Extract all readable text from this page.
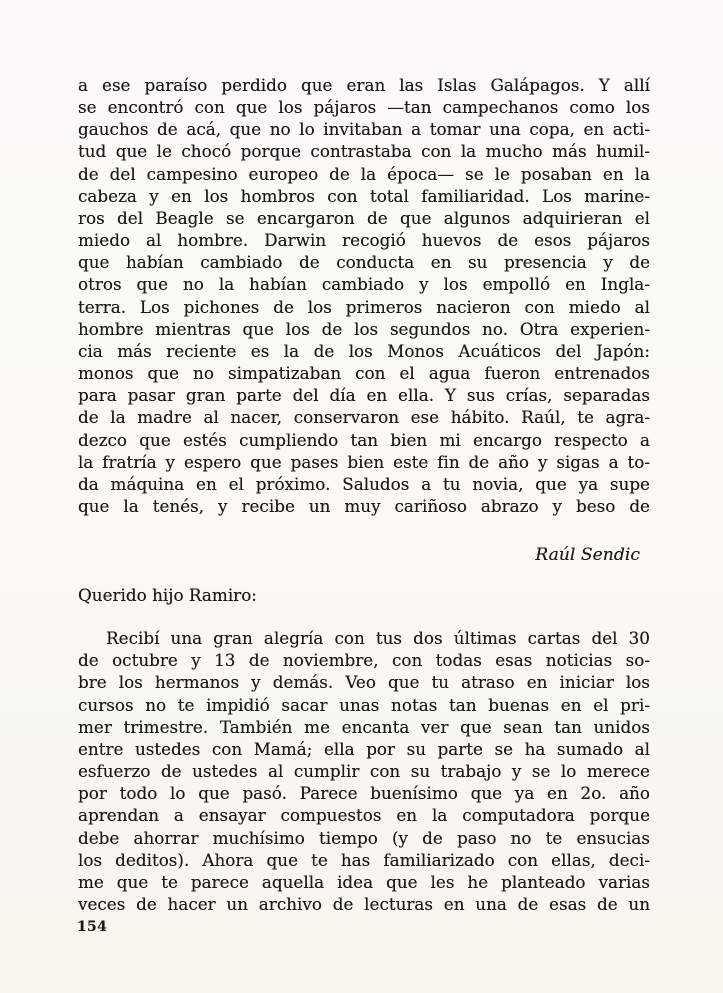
a ese paraíso perdido que eran las Islas Galápagos. Y allí
se encontró con que los pájaros —tan campechanos como los
gauchos de acá, que no lo invitaban a tomar una copa, en acti-
tud que le chocó porque contrastaba con la mucho más humil-
de del campesino europeo de la época— se le posaban en la
cabeza y en los hombros con total familiaridad. Los marine-
ros del Beagle se encargaron de que algunos adquirieran el
miedo al hombre. Darwin recogió huevos de esos pájaros
que habían cambiado de conducta en su presencia y de
otros que no la habían cambiado y los empolló en Ingla-
terra. Los pichones de los primeros nacieron con miedo al
hombre mientras que los de los segundos no. Otra experien-
cia más reciente es la de los Monos Acuáticos del Japón:
monos que no simpatizaban con el agua fueron entrenados
para pasar gran parte del día en ella. Y sus crías, separadas
de la madre al nacer, conservaron ese hábito. Raúl, te agra-
dezco que estés cumpliendo tan bien mi encargo respecto a
la fratría y espero que pases bien este fin de año y sigas a to-
da máquina en el próximo. Saludos a tu novia, que ya supe
que la tenés, y recibe un muy cariñoso abrazo y beso de

Raúl Sendic

Querido hijo Ramiro:

Recibí una gran alegría con tus dos últimas cartas del 30
de octubre y 13 de noviembre, con todas esas noticias so-
bre los hermanos y demás. Veo que tu atraso en iniciar los
cursos no te impidió sacar unas notas tan buenas en el pri-
mer trimestre. También me encanta ver que sean tan unidos
entre ustedes con Mamá; ella por su parte se ha sumado al
esfuerzo de ustedes al cumplir con su trabajo y se lo merece
por todo lo que pasó. Parece buenísimo que ya en 2o. año
aprendan a ensayar compuestos en la computadora porque
debe ahorrar muchísimo tiempo (y de paso no te ensucias
los deditos). Ahora que te has familiarizado con ellas, deci-
me que te parece aquella idea que les he planteado varias
veces de hacer un archivo de lecturas en una de esas de un
154
